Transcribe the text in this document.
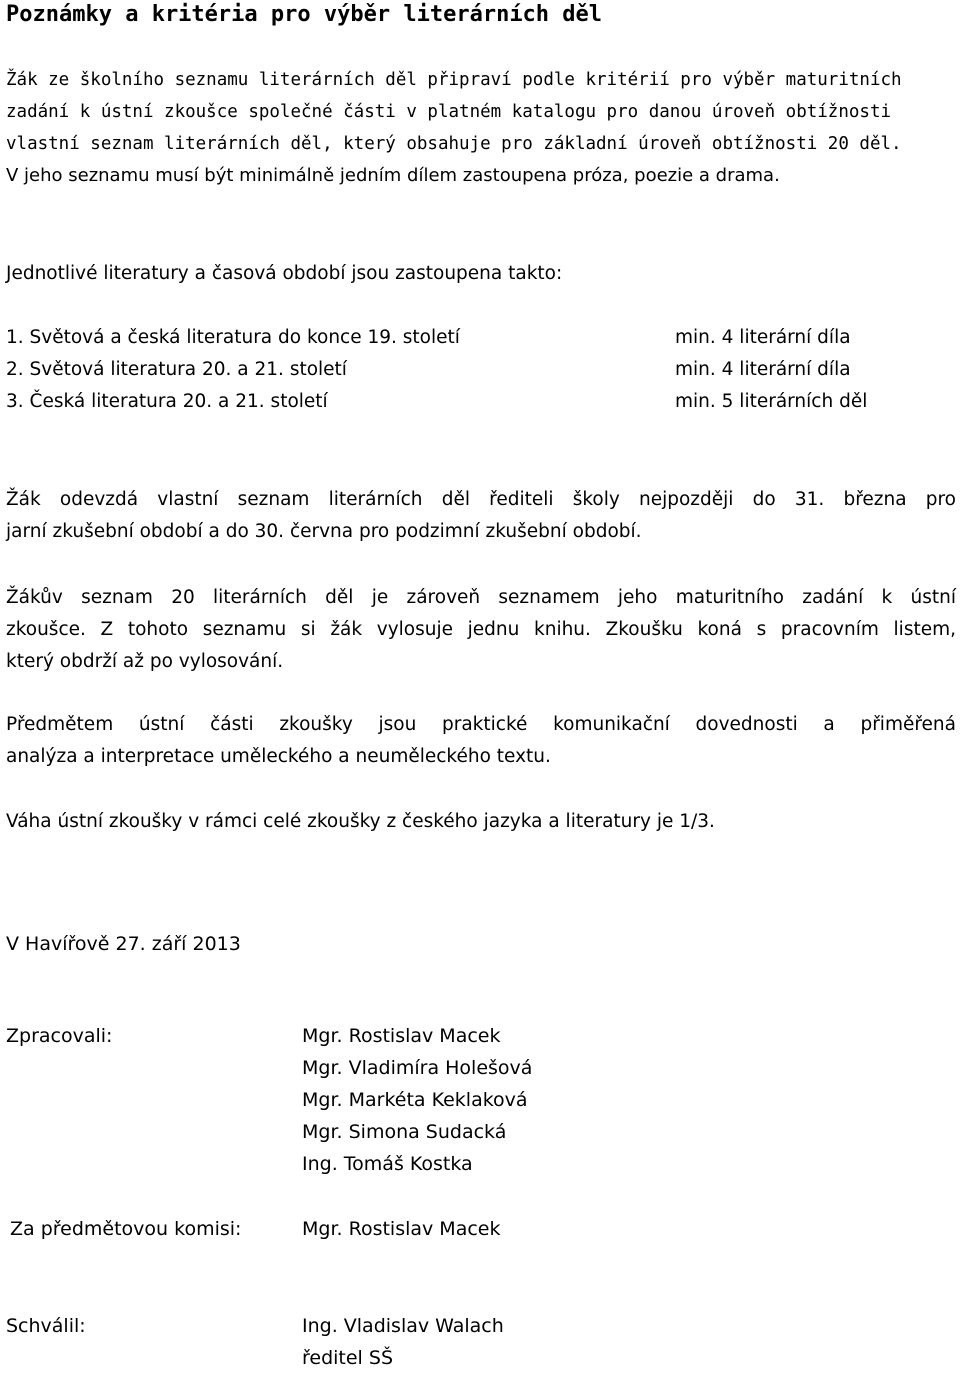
Poznámky a kritéria pro výběr literárních děl
Žák ze školního seznamu literárních děl připraví podle kritérií pro výběr maturitních
zadání k ústní zkoušce společné části v platném katalogu pro danou úroveň obtížnosti
vlastní seznam literárních děl, který obsahuje pro základní úroveň obtížnosti 20 děl.
V jeho seznamu musí být minimálně jedním dílem zastoupena próza, poezie a drama.

Jednotlivé literatury a časová období jsou zastoupena takto:

1. Světová a česká literatura do konce 19. století	min. 4 literární díla
2. Světová literatura 20. a 21. století	min. 4 literární díla
3. Česká literatura 20. a 21. století	min. 5 literárních děl
Žák odevzdá vlastní seznam literárních děl řediteli školy nejpozději do 31. března pro
jarní zkušební období a do 30. června pro podzimní zkušební období.
Žákův seznam 20 literárních děl je zároveň seznamem jeho maturitního zadání k ústní
zkoušce. Z tohoto seznamu si žák vylosuje jednu knihu. Zkoušku koná s pracovním listem,
který obdrží až po vylosování.
Předmětem ústní části zkoušky jsou praktické komunikační dovednosti a přiměřená
analýza a interpretace uměleckého a neuměleckého textu.

Váha ústní zkoušky v rámci celé zkoušky z českého jazyka a literatury je 1/3.

V Havířově 27. září 2013

Zpracovali:	Mgr. Rostislav Macek
Mgr. Vladimíra Holešová
Mgr. Markéta Keklaková
Mgr. Simona Sudacká
Ing. Tomáš Kostka
Za předmětovou komisi:	Mgr. Rostislav Macek
Schválil:	Ing. Vladislav Walach
ředitel SŠ
